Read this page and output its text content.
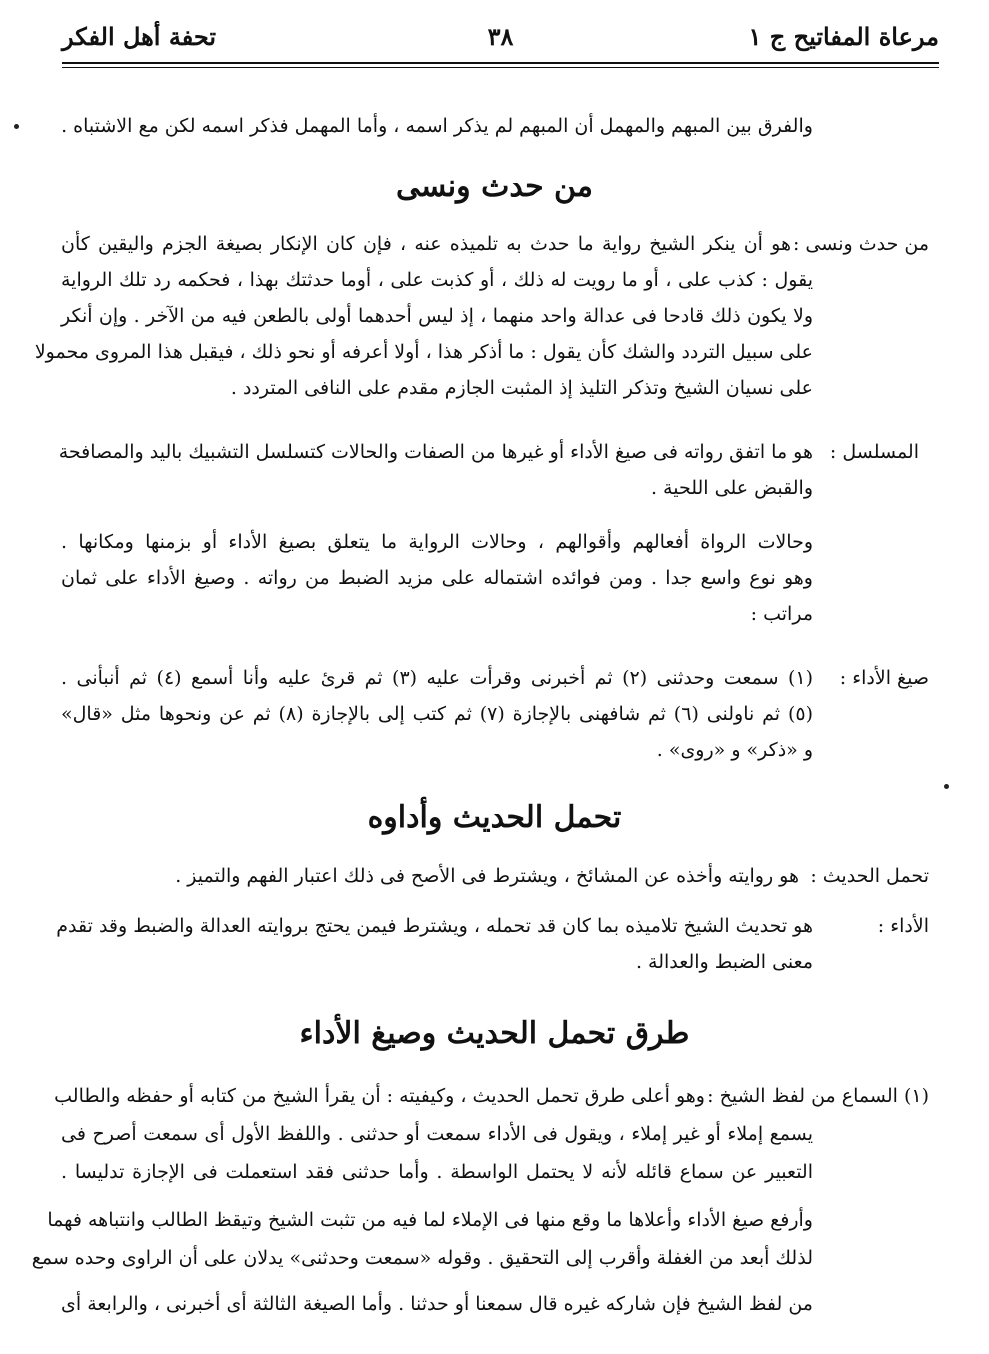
مرعاة المفاتيح ج ١
٣٨
تحفة أهل الفكر
والفرق بين المبهم والمهمل أن المبهم لم يذكر اسمه ، وأما المهمل فذكر اسمه لكن مع الاشتباه .
من حدث ونسى
من حدث ونسى :
هو أن ينكر الشيخ رواية ما حدث به تلميذه عنه ، فإن كان الإنكار بصيغة الجزم واليقين كأن
يقول : كذب على ، أو ما رويت له ذلك ، أو كذبت على ، أوما حدثتك بهذا ، فحكمه رد تلك الرواية
ولا يكون ذلك قادحا فى عدالة واحد منهما ، إذ ليس أحدهما أولى بالطعن فيه من الآخر . وإن أنكر
على سبيل التردد والشك كأن يقول : ما أذكر هذا ، أولا أعرفه أو نحو ذلك ، فيقبل هذا المروى محمولا
على نسيان الشيخ وتذكر التليذ إذ المثبت الجازم مقدم على النافى المتردد .
المسلسل :
هو ما اتفق رواته فى صيغ الأداء أو غيرها من الصفات والحالات كتسلسل التشبيك باليد والمصافحة
والقبض على اللحية .
وحالات الرواة أفعالهم وأقوالهم ، وحالات الرواية ما يتعلق بصيغ الأداء أو بزمنها ومكانها .
وهو نوع واسع جدا . ومن فوائده اشتماله على مزيد الضبط من رواته . وصيغ الأداء على ثمان
مراتب :
صيغ الأداء :
(١) سمعت وحدثنى (٢) ثم أخبرنى وقرأت عليه (٣) ثم قرئ عليه وأنا أسمع (٤) ثم أنبأنى .
(٥) ثم ناولنى (٦) ثم شافهنى بالإجازة (٧) ثم كتب إلى بالإجازة (٨) ثم عن ونحوها مثل «قال»
و «ذكر» و «روى» .
تحمل الحديث وأداوه
تحمل الحديث :
هو روايته وأخذه عن المشائخ ، ويشترط فى الأصح فى ذلك اعتبار الفهم والتميز .
الأداء :
هو تحديث الشيخ تلاميذه بما كان قد تحمله ، ويشترط فيمن يحتج بروايته العدالة والضبط وقد تقدم
معنى الضبط والعدالة .
طرق تحمل الحديث وصيغ الأداء
(١) السماع من لفظ الشيخ :
وهو أعلى طرق تحمل الحديث ، وكيفيته : أن يقرأ الشيخ من كتابه أو حفظه والطالب
يسمع إملاء أو غير إملاء ، ويقول فى الأداء سمعت أو حدثنى . واللفظ الأول أى سمعت أصرح فى
التعبير عن سماع قائله لأنه لا يحتمل الواسطة . وأما حدثنى فقد استعملت فى الإجازة تدليسا .
وأرفع صيغ الأداء وأعلاها ما وقع منها فى الإملاء لما فيه من تثبت الشيخ وتيقظ الطالب وانتباهه فهما
لذلك أبعد من الغفلة وأقرب إلى التحقيق . وقوله «سمعت وحدثنى» يدلان على أن الراوى وحده سمع
من لفظ الشيخ فإن شاركه غيره قال سمعنا أو حدثنا . وأما الصيغة الثالثة أى أخبرنى ، والرابعة أى
